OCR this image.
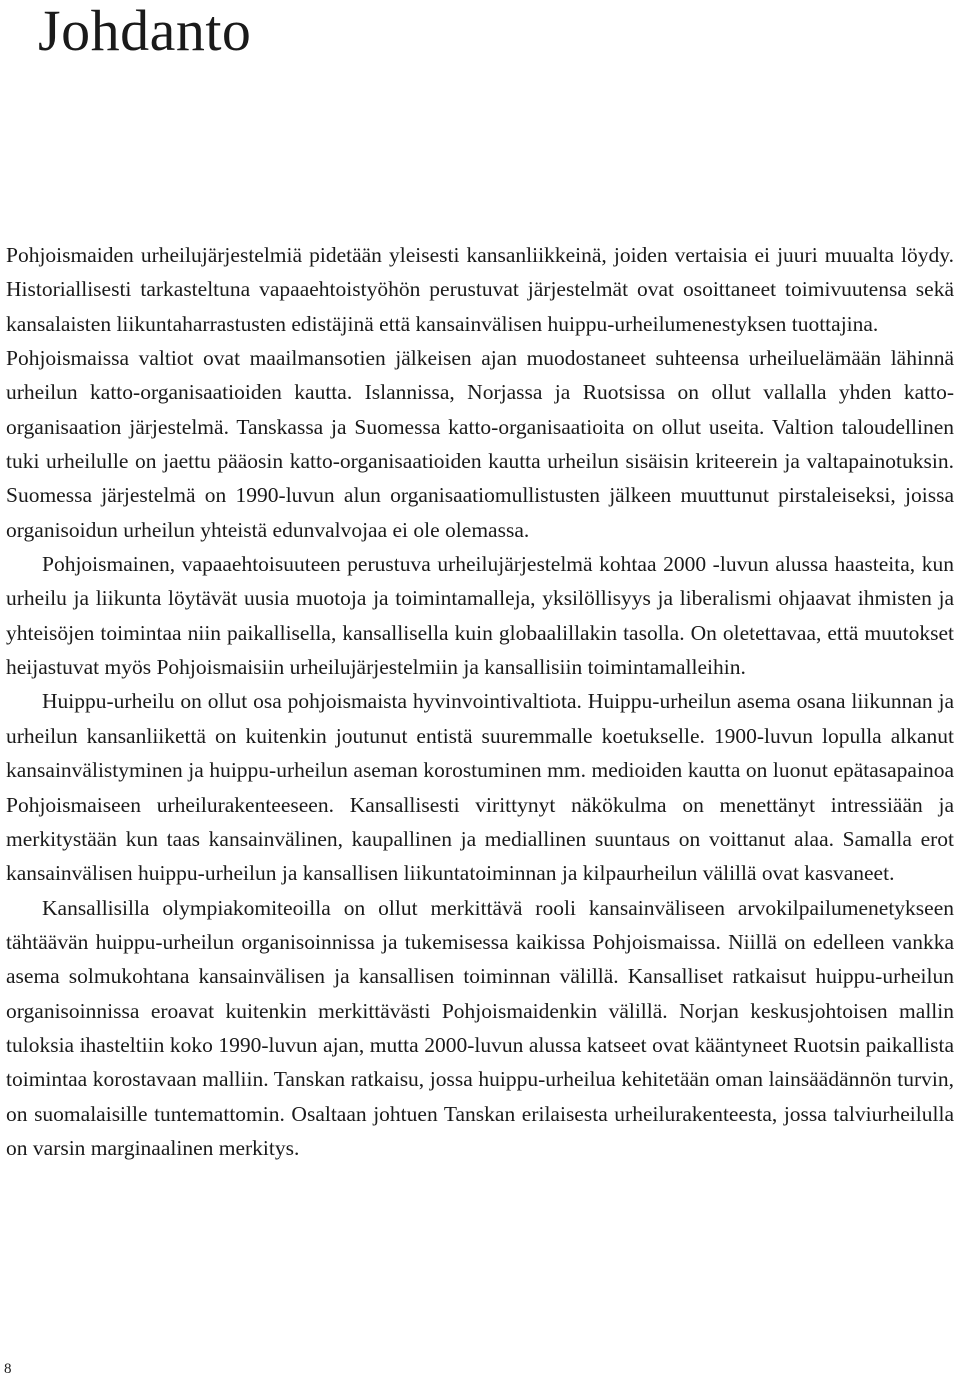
Johdanto

Pohjoismaiden urheilujärjestelmiä pidetään yleisesti kansanliikkeinä, joiden vertaisia ei juuri muualta löydy. Historiallisesti tarkasteltuna vapaaehtoistyöhön perustuvat järjestelmät ovat osoittaneet toimivuutensa sekä kansalaisten liikuntaharrastusten edistäjinä että kansainvälisen huippu-urheilumenestyksen tuottajina.

Pohjoismaissa valtiot ovat maailmansotien jälkeisen ajan muodostaneet suhteensa urheiluelämään lähinnä urheilun katto-organisaatioiden kautta. Islannissa, Norjassa ja Ruotsissa on ollut vallalla yhden katto-organisaation järjestelmä. Tanskassa ja Suomessa katto-organisaatioita on ollut useita. Valtion taloudellinen tuki urheilulle on jaettu pääosin katto-organisaatioiden kautta urheilun sisäisin kriteerein ja valtapainotuksin. Suomessa järjestelmä on 1990-luvun alun organisaatiomullistusten jälkeen muuttunut pirstaleiseksi, joissa organisoidun urheilun yhteistä edunvalvojaa ei ole olemassa.

Pohjoismainen, vapaaehtoisuuteen perustuva urheilujärjestelmä kohtaa 2000 -luvun alussa haasteita, kun urheilu ja liikunta löytävät uusia muotoja ja toimintamalleja, yksilöllisyys ja liberalismi ohjaavat ihmisten ja yhteisöjen toimintaa niin paikallisella, kansallisella kuin globaalillakin tasolla. On oletettavaa, että muutokset heijastuvat myös Pohjoismaisiin urheilujärjestelmiin ja kansallisiin toimintamalleihin.

Huippu-urheilu on ollut osa pohjoismaista hyvinvointivaltiota. Huippu-urheilun asema osana liikunnan ja urheilun kansanliikettä on kuitenkin joutunut entistä suuremmalle koetukselle. 1900-luvun lopulla alkanut kansainvälistyminen ja huippu-urheilun aseman korostuminen mm. medioiden kautta on luonut epätasapainoa Pohjoismaiseen urheilurakenteeseen. Kansallisesti virittynyt näkökulma on menettänyt intressiään ja merkitystään kun taas kansainvälinen, kaupallinen ja mediallinen suuntaus on voittanut alaa. Samalla erot kansainvälisen huippu-urheilun ja kansallisen liikuntatoiminnan ja kilpaurheilun välillä ovat kasvaneet.

Kansallisilla olympiakomiteoilla on ollut merkittävä rooli kansainväliseen arvokilpailumenetykseen tähtäävän huippu-urheilun organisoinnissa ja tukemisessa kaikissa Pohjoismaissa. Niillä on edelleen vankka asema solmukohtana kansainvälisen ja kansallisen toiminnan välillä. Kansalliset ratkaisut huippu-urheilun organisoinnissa eroavat kuitenkin merkittävästi Pohjoismaidenkin välillä. Norjan keskusjohtoisen mallin tuloksia ihasteltiin koko 1990-luvun ajan, mutta 2000-luvun alussa katseet ovat kääntyneet Ruotsin paikallista toimintaa korostavaan malliin. Tanskan ratkaisu, jossa huippu-urheilua kehitetään oman lainsäädännön turvin, on suomalaisille tuntemattomin. Osaltaan johtuen Tanskan erilaisesta urheilurakenteesta, jossa talviurheilulla on varsin marginaalinen merkitys.

8
